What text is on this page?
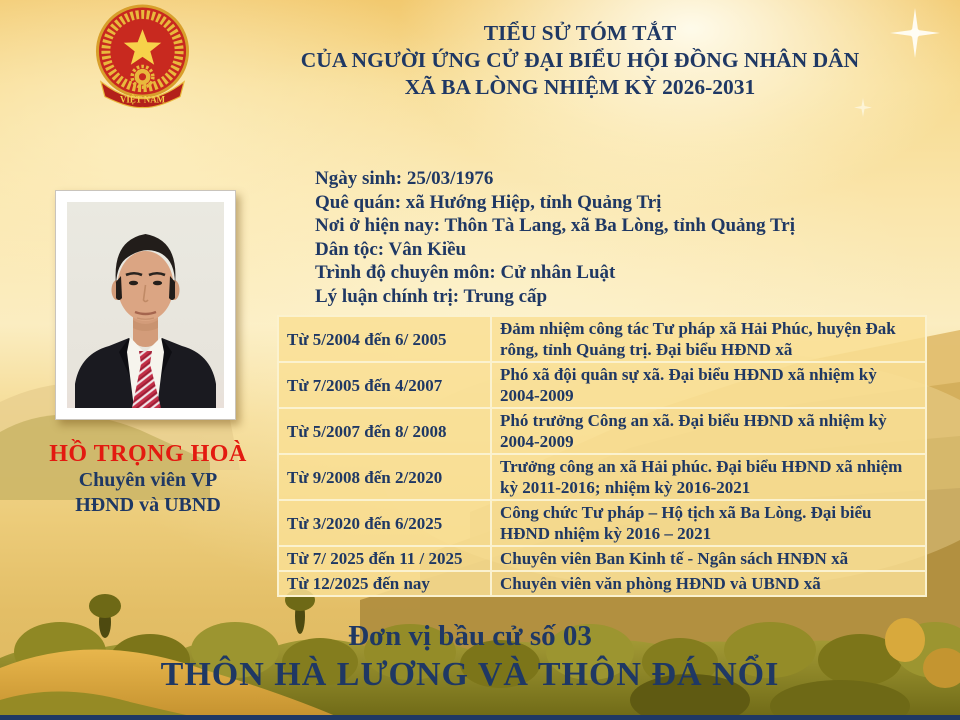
VIỆT NAM
TIỂU SỬ TÓM TẮT
CỦA NGƯỜI ỨNG CỬ ĐẠI BIỂU HỘI ĐỒNG NHÂN DÂN
XÃ BA LÒNG NHIỆM KỲ 2026-2031
HỒ TRỌNG HOÀ
Chuyên viên VP
HĐND và UBND
Ngày sinh: 25/03/1976
Quê quán: xã Hướng Hiệp, tỉnh Quảng Trị
Nơi ở hiện nay: Thôn Tà Lang, xã Ba Lòng, tỉnh Quảng Trị
Dân tộc: Vân Kiều
Trình độ chuyên môn: Cử nhân Luật
Lý luận chính trị: Trung cấp
Từ 5/2004 đến 6/ 2005	Đảm nhiệm công tác Tư pháp xã Hải Phúc, huyện Đak rông, tỉnh Quảng trị. Đại biểu HĐND xã
Từ 7/2005 đến 4/2007	Phó xã đội quân sự xã. Đại biểu HĐND xã nhiệm kỳ 2004-2009
Từ 5/2007 đến 8/ 2008	Phó trưởng Công an xã. Đại biểu HĐND xã nhiệm kỳ 2004-2009
Từ 9/2008 đến 2/2020	Trưởng công an xã Hải phúc. Đại biểu HĐND xã nhiệm kỳ 2011-2016; nhiệm kỳ 2016-2021
Từ 3/2020 đến 6/2025	Công chức Tư pháp – Hộ tịch xã Ba Lòng. Đại biểu HĐND nhiệm kỳ 2016 – 2021
Từ 7/ 2025 đến 11 / 2025	Chuyên viên Ban Kinh tế - Ngân sách HNĐN xã
Từ 12/2025 đến nay	Chuyên viên văn phòng HĐND và UBND xã
Đơn vị bầu cử số 03
THÔN HÀ LƯƠNG VÀ THÔN ĐÁ NỔI
